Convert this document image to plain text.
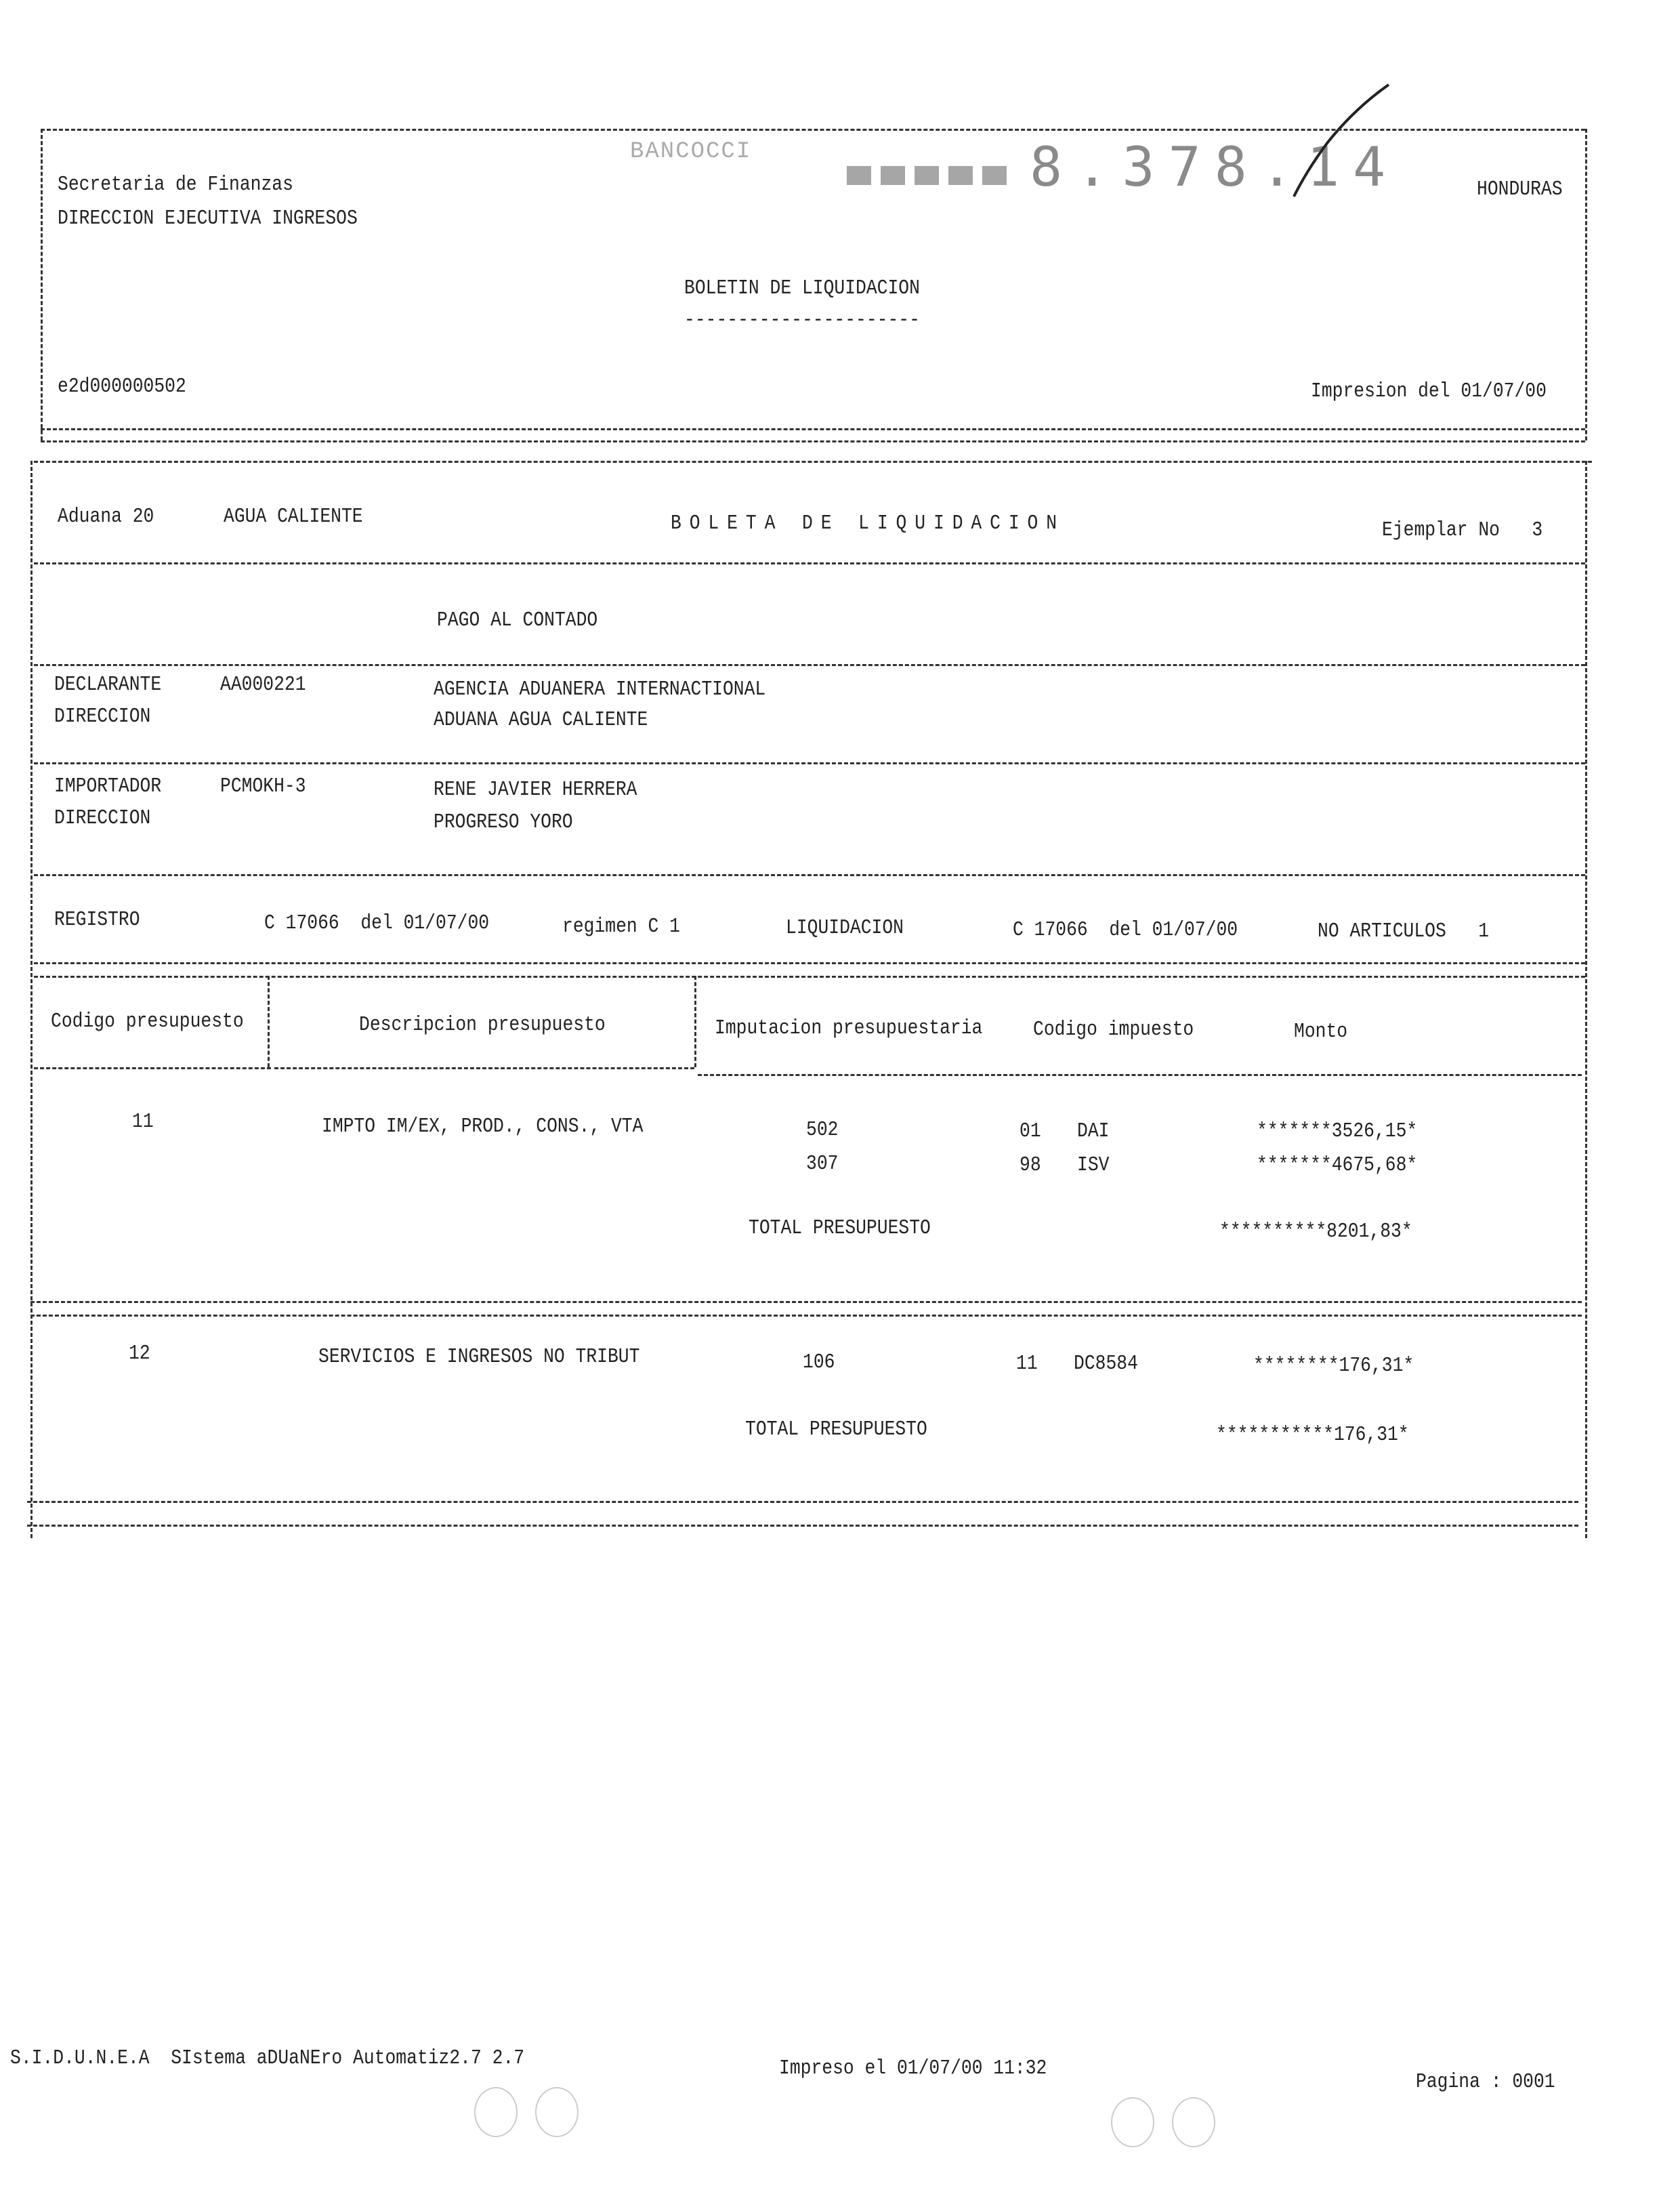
BANCOCCI	8.378.14
Secretaria de Finanzas
DIRECCION EJECUTIVA INGRESOS
HONDURAS
BOLETIN DE LIQUIDACION
----------------------
e2d000000502	Impresion del 01/07/00
Aduana 20	AGUA CALIENTE	BOLETA DE LIQUIDACION	Ejemplar No   3
PAGO AL CONTADO
DECLARANTE	AA000221	AGENCIA ADUANERA INTERNACTIONAL
DIRECCION	ADUANA AGUA CALIENTE
IMPORTADOR	PCMOKH-3	RENE JAVIER HERRERA
DIRECCION	PROGRESO YORO
REGISTRO	C 17066  del 01/07/00	regimen C 1	LIQUIDACION	C 17066  del 01/07/00	NO ARTICULOS   1
Codigo presupuesto	Descripcion presupuesto	Imputacion presupuestaria Codigo impuesto	Monto
11	IMPTO IM/EX, PROD., CONS., VTA	502	01 DAI	*******3526,15*
307	98 ISV	*******4675,68*
TOTAL PRESUPUESTO	**********8201,83*
12	SERVICIOS E INGRESOS NO TRIBUT	106	11 DC8584	********176,31*
TOTAL PRESUPUESTO	***********176,31*
S.I.D.U.N.E.A  SIstema aDUaNEro Automatiz2.7 2.7	Impreso el 01/07/00 11:32
Pagina : 0001
